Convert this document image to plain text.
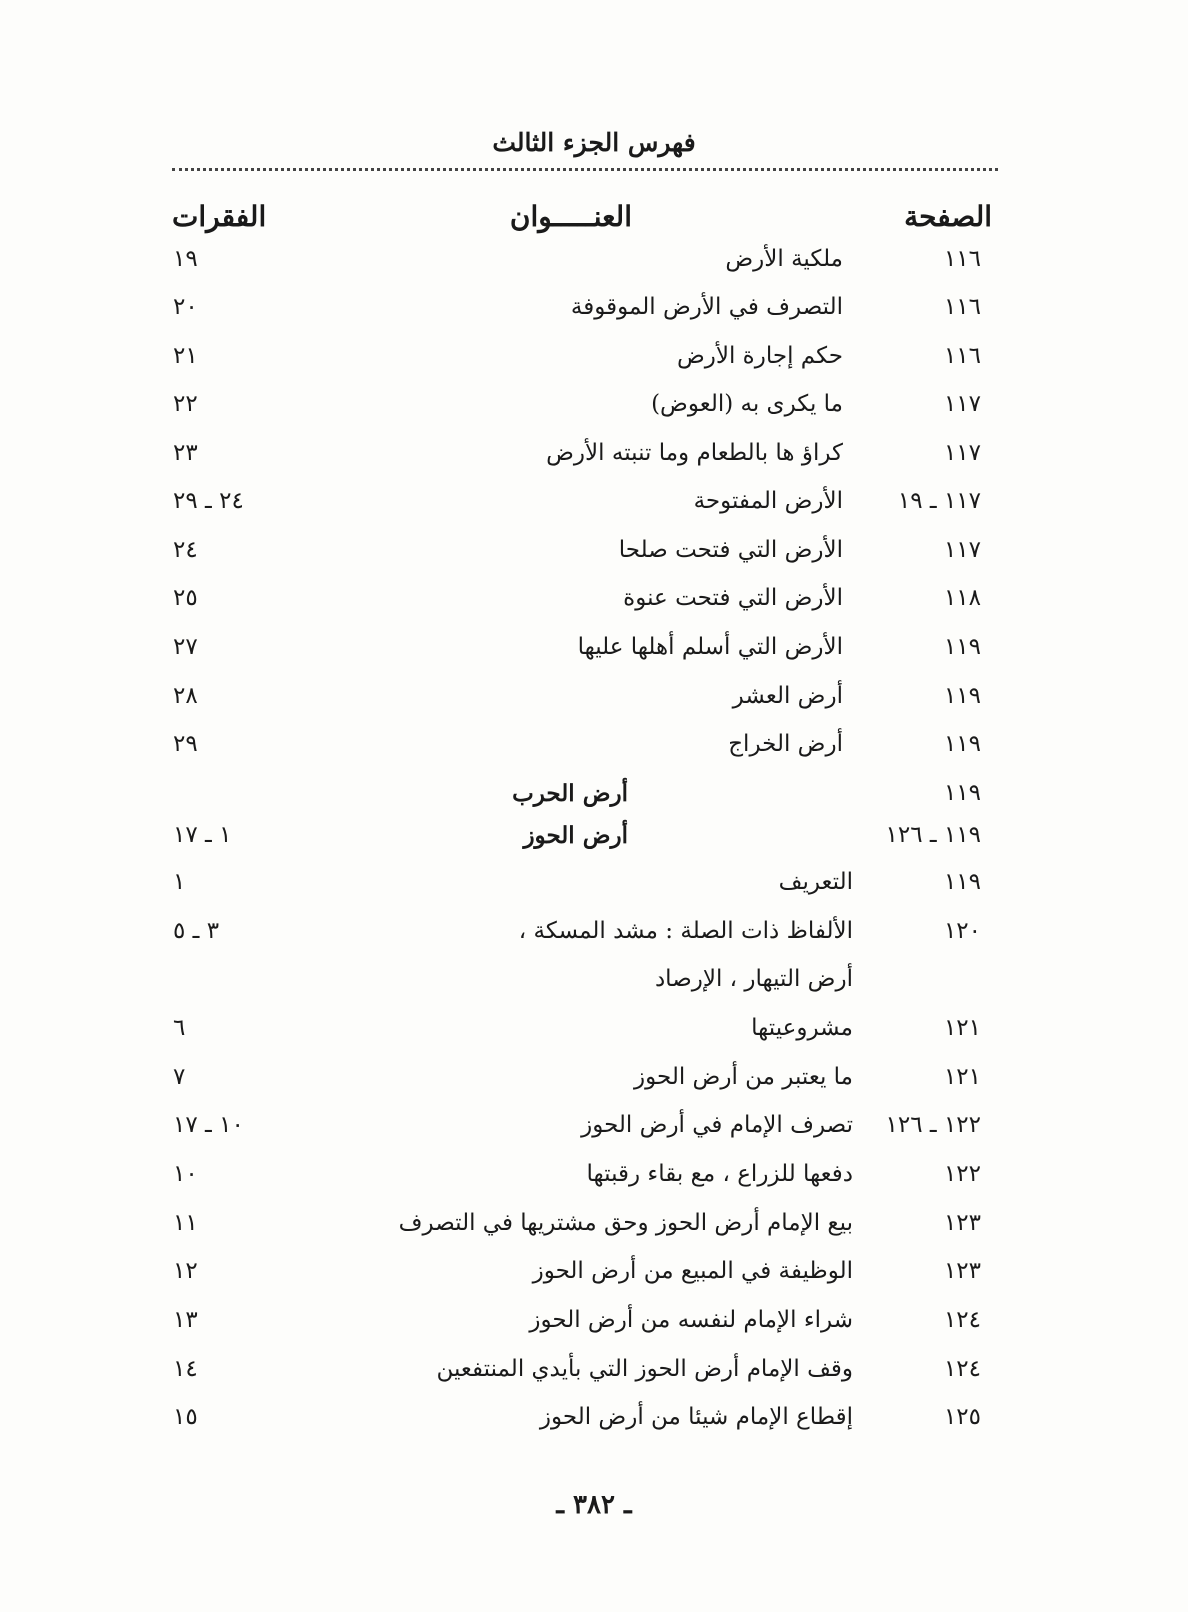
فهرس الجزء الثالث
الصفحة
العنـــــوان
الفقرات
١١٦
ملكية الأرض
١٩
١١٦
التصرف في الأرض الموقوفة
٢٠
١١٦
حكم إجارة الأرض
٢١
١١٧
ما يكرى به (العوض)
٢٢
١١٧
كراؤ ها بالطعام وما تنبته الأرض
٢٣
١١٧ ـ ١٩
الأرض المفتوحة
٢٤ ـ ٢٩
١١٧
الأرض التي فتحت صلحا
٢٤
١١٨
الأرض التي فتحت عنوة
٢٥
١١٩
الأرض التي أسلم أهلها عليها
٢٧
١١٩
أرض العشر
٢٨
١١٩
أرض الخراج
٢٩
١١٩
أرض الحرب
١١٩ ـ ١٢٦
أرض الحوز
١ ـ ١٧
١١٩
التعريف
١
١٢٠
الألفاظ ذات الصلة : مشد المسكة ،
٣ ـ ٥
أرض التيهار ، الإرصاد
١٢١
مشروعيتها
٦
١٢١
ما يعتبر من أرض الحوز
٧
١٢٢ ـ ١٢٦
تصرف الإمام في أرض الحوز
١٠ ـ ١٧
١٢٢
دفعها للزراع ، مع بقاء رقبتها
١٠
١٢٣
بيع الإمام أرض الحوز وحق مشتريها في التصرف
١١
١٢٣
الوظيفة في المبيع من أرض الحوز
١٢
١٢٤
شراء الإمام لنفسه من أرض الحوز
١٣
١٢٤
وقف الإمام أرض الحوز التي بأيدي المنتفعين
١٤
١٢٥
إقطاع الإمام شيئا من أرض الحوز
١٥
ـ ٣٨٢ ـ
